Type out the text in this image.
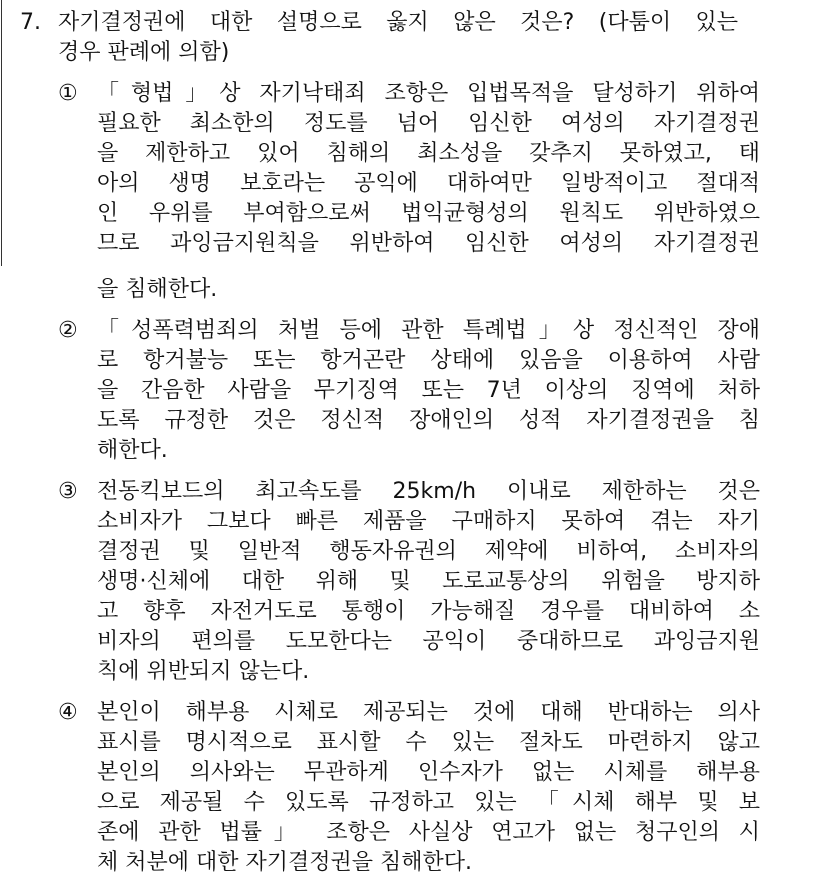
7. 자기결정권에 대한 설명으로 옳지 않은 것은? (다툼이 있는
경우 판례에 의함)
① 「형법」상 자기낙태죄 조항은 입법목적을 달성하기 위하여
필요한 최소한의 정도를 넘어 임신한 여성의 자기결정권
을 제한하고 있어 침해의 최소성을 갖추지 못하였고, 태
아의 생명 보호라는 공익에 대하여만 일방적이고 절대적
인 우위를 부여함으로써 법익균형성의 원칙도 위반하였으
므로 과잉금지원칙을 위반하여 임신한 여성의 자기결정권
을 침해한다.
② 「성폭력범죄의 처벌 등에 관한 특례법」상 정신적인 장애
로 항거불능 또는 항거곤란 상태에 있음을 이용하여 사람
을 간음한 사람을 무기징역 또는 7년 이상의 징역에 처하
도록 규정한 것은 정신적 장애인의 성적 자기결정권을 침
해한다.
③ 전동킥보드의 최고속도를 25km/h 이내로 제한하는 것은
소비자가 그보다 빠른 제품을 구매하지 못하여 겪는 자기
결정권 및 일반적 행동자유권의 제약에 비하여, 소비자의
생명·신체에 대한 위해 및 도로교통상의 위험을 방지하
고 향후 자전거도로 통행이 가능해질 경우를 대비하여 소
비자의 편의를 도모한다는 공익이 중대하므로 과잉금지원
칙에 위반되지 않는다.
④ 본인이 해부용 시체로 제공되는 것에 대해 반대하는 의사
표시를 명시적으로 표시할 수 있는 절차도 마련하지 않고
본인의 의사와는 무관하게 인수자가 없는 시체를 해부용
으로 제공될 수 있도록 규정하고 있는 「시체 해부 및 보
존에 관한 법률」 조항은 사실상 연고가 없는 청구인의 시
체 처분에 대한 자기결정권을 침해한다.
